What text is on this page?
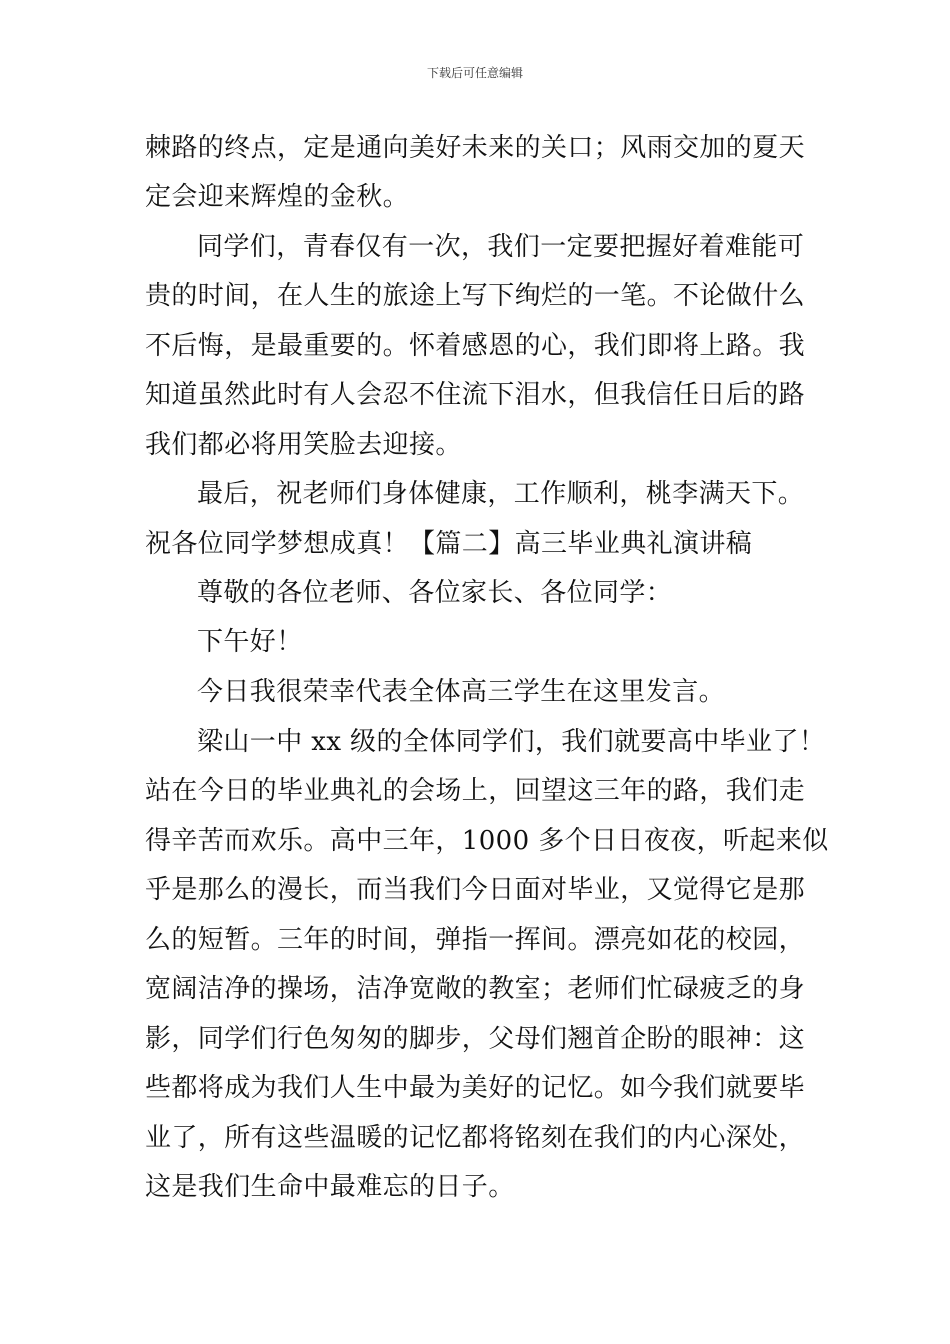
下载后可任意编辑
棘路的终点，定是通向美好未来的关口；风雨交加的夏天
定会迎来辉煌的金秋。
同学们，青春仅有一次，我们一定要把握好着难能可
贵的时间，在人生的旅途上写下绚烂的一笔。不论做什么
不后悔，是最重要的。怀着感恩的心，我们即将上路。我
知道虽然此时有人会忍不住流下泪水，但我信任日后的路
我们都必将用笑脸去迎接。
最后，祝老师们身体健康，工作顺利，桃李满天下。
祝各位同学梦想成真！【篇二】高三毕业典礼演讲稿
尊敬的各位老师、各位家长、各位同学：
下午好！
今日我很荣幸代表全体高三学生在这里发言。
梁山一中 xx 级的全体同学们，我们就要高中毕业了！
站在今日的毕业典礼的会场上，回望这三年的路，我们走
得辛苦而欢乐。高中三年，1000 多个日日夜夜，听起来似
乎是那么的漫长，而当我们今日面对毕业，又觉得它是那
么的短暂。三年的时间，弹指一挥间。漂亮如花的校园，
宽阔洁净的操场，洁净宽敞的教室；老师们忙碌疲乏的身
影，同学们行色匆匆的脚步，父母们翘首企盼的眼神：这
些都将成为我们人生中最为美好的记忆。如今我们就要毕
业了，所有这些温暖的记忆都将铭刻在我们的内心深处，
这是我们生命中最难忘的日子。
